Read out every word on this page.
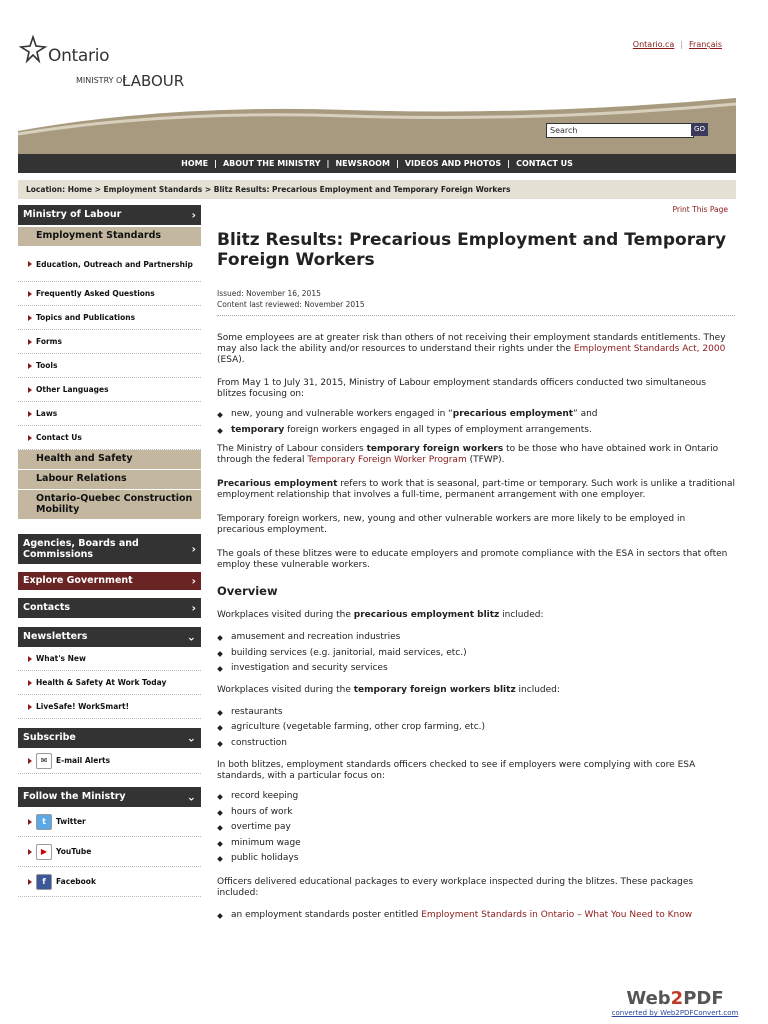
Ontario
MINISTRY OF
LABOUR
Ontario.ca | Français
Search	GO
HOME | ABOUT THE MINISTRY | NEWSROOM | VIDEOS AND PHOTOS | CONTACT US
Location: Home > Employment Standards > Blitz Results: Precarious Employment and Temporary Foreign Workers
Print This Page
Ministry of Labour	›
Employment Standards
Education, Outreach and Partnership
Frequently Asked Questions
Topics and Publications
Forms
Tools
Other Languages
Laws
Contact Us
Health and Safety
Labour Relations
Ontario-Quebec Construction Mobility
Agencies, Boards and Commissions	›
Explore Government	›
Contacts	›
Newsletters	⌄
What's New
Health & Safety At Work Today
LiveSafe! WorkSmart!
Subscribe	⌄
✉	E-mail Alerts
Follow the Ministry	⌄
t	Twitter
▶	YouTube
f	Facebook
Blitz Results: Precarious Employment and Temporary Foreign Workers
Issued: November 16, 2015
Content last reviewed: November 2015

Some employees are at greater risk than others of not receiving their employment standards entitlements. They may also lack the ability and/or resources to understand their rights under the Employment Standards Act, 2000 (ESA).

From May 1 to July 31, 2015, Ministry of Labour employment standards officers conducted two simultaneous blitzes focusing on:

new, young and vulnerable workers engaged in “precarious employment” and
temporary foreign workers engaged in all types of employment arrangements.

The Ministry of Labour considers temporary foreign workers to be those who have obtained work in Ontario through the federal Temporary Foreign Worker Program (TFWP).

Precarious employment refers to work that is seasonal, part-time or temporary. Such work is unlike a traditional employment relationship that involves a full-time, permanent arrangement with one employer.

Temporary foreign workers, new, young and other vulnerable workers are more likely to be employed in precarious employment.

The goals of these blitzes were to educate employers and promote compliance with the ESA in sectors that often employ these vulnerable workers.

Overview

Workplaces visited during the precarious employment blitz included:

amusement and recreation industries
building services (e.g. janitorial, maid services, etc.)
investigation and security services

Workplaces visited during the temporary foreign workers blitz included:

restaurants
agriculture (vegetable farming, other crop farming, etc.)
construction

In both blitzes, employment standards officers checked to see if employers were complying with core ESA standards, with a particular focus on:

record keeping
hours of work
overtime pay
minimum wage
public holidays

Officers delivered educational packages to every workplace inspected during the blitzes. These packages included:

an employment standards poster entitled Employment Standards in Ontario – What You Need to Know
Web2PDF
converted by Web2PDFConvert.com
